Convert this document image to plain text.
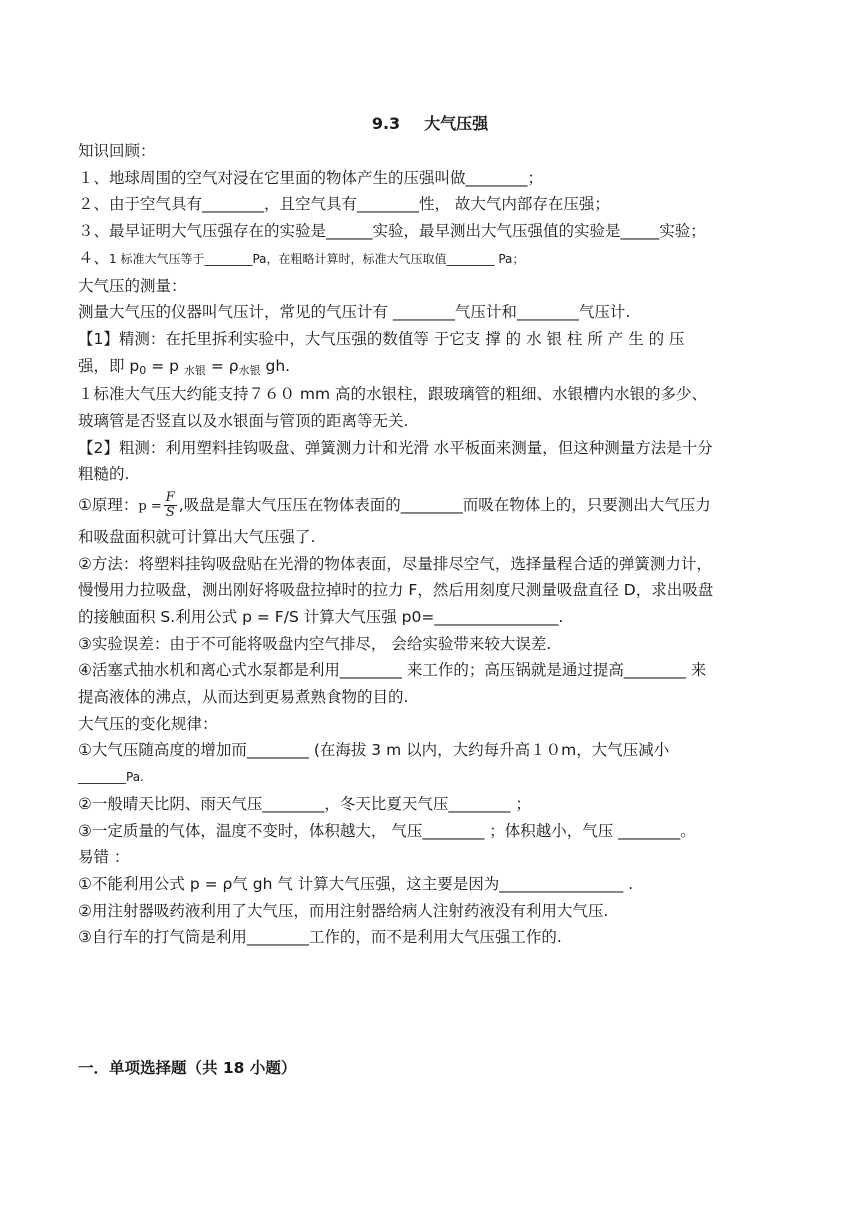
9.3 大气压强
知识回顾：
１、地球周围的空气对浸在它里面的物体产生的压强叫做________；
２、由于空气具有________，且空气具有________性， 故大气内部存在压强；
３、最早证明大气压强存在的实验是______实验，最早测出大气压强值的实验是_____实验；
４、1 标准大气压等于________Pa，在粗略计算时，标准大气压取值________ Pa；
大气压的测量：
测量大气压的仪器叫气压计，常见的气压计有 ________气压计和________气压计.
【1】精测：在托里拆利实验中，大气压强的数值等 于它支 撑 的 水 银 柱 所 产 生 的 压
强，即 p0 = p 水银 = ρ水银 gh.
１标准大气压大约能支持７６０ mm 高的水银柱，跟玻璃管的粗细、水银槽内水银的多少、
玻璃管是否竖直以及水银面与管顶的距离等无关.
【2】粗测：利用塑料挂钩吸盘、弹簧测力计和光滑 水平板面来测量，但这种测量方法是十分
粗糙的.
①原理：$p = \frac{F}{S}$ ,吸盘是靠大气压压在物体表面的________而吸在物体上的，只要测出大气压力
和吸盘面积就可计算出大气压强了.
②方法：将塑料挂钩吸盘贴在光滑的物体表面，尽量排尽空气，选择量程合适的弹簧测力计，
慢慢用力拉吸盘，测出刚好将吸盘拉掉时的拉力 F，然后用刻度尺测量吸盘直径 D，求出吸盘
的接触面积 S.利用公式 p = F/S 计算大气压强 p0=________________.
③实验误差：由于不可能将吸盘内空气排尽， 会给实验带来较大误差.
④活塞式抽水机和离心式水泵都是利用________ 来工作的；高压锅就是通过提高________ 来
提高液体的沸点，从而达到更易煮熟食物的目的.
大气压的变化规律：
①大气压随高度的增加而________ (在海拔 3 m 以内，大约每升高１０m，大气压减小
________Pa.
②一般晴天比阴、雨天气压________，冬天比夏天气压________ ；
③一定质量的气体，温度不变时，体积越大， 气压________ ；体积越小，气压 ________。
易错 ：
①不能利用公式 p = ρ气 gh 气 计算大气压强，这主要是因为________________ .
②用注射器吸药液利用了大气压，而用注射器给病人注射药液没有利用大气压.
③自行车的打气筒是利用________工作的，而不是利用大气压强工作的.
一．单项选择题（共 18 小题）
